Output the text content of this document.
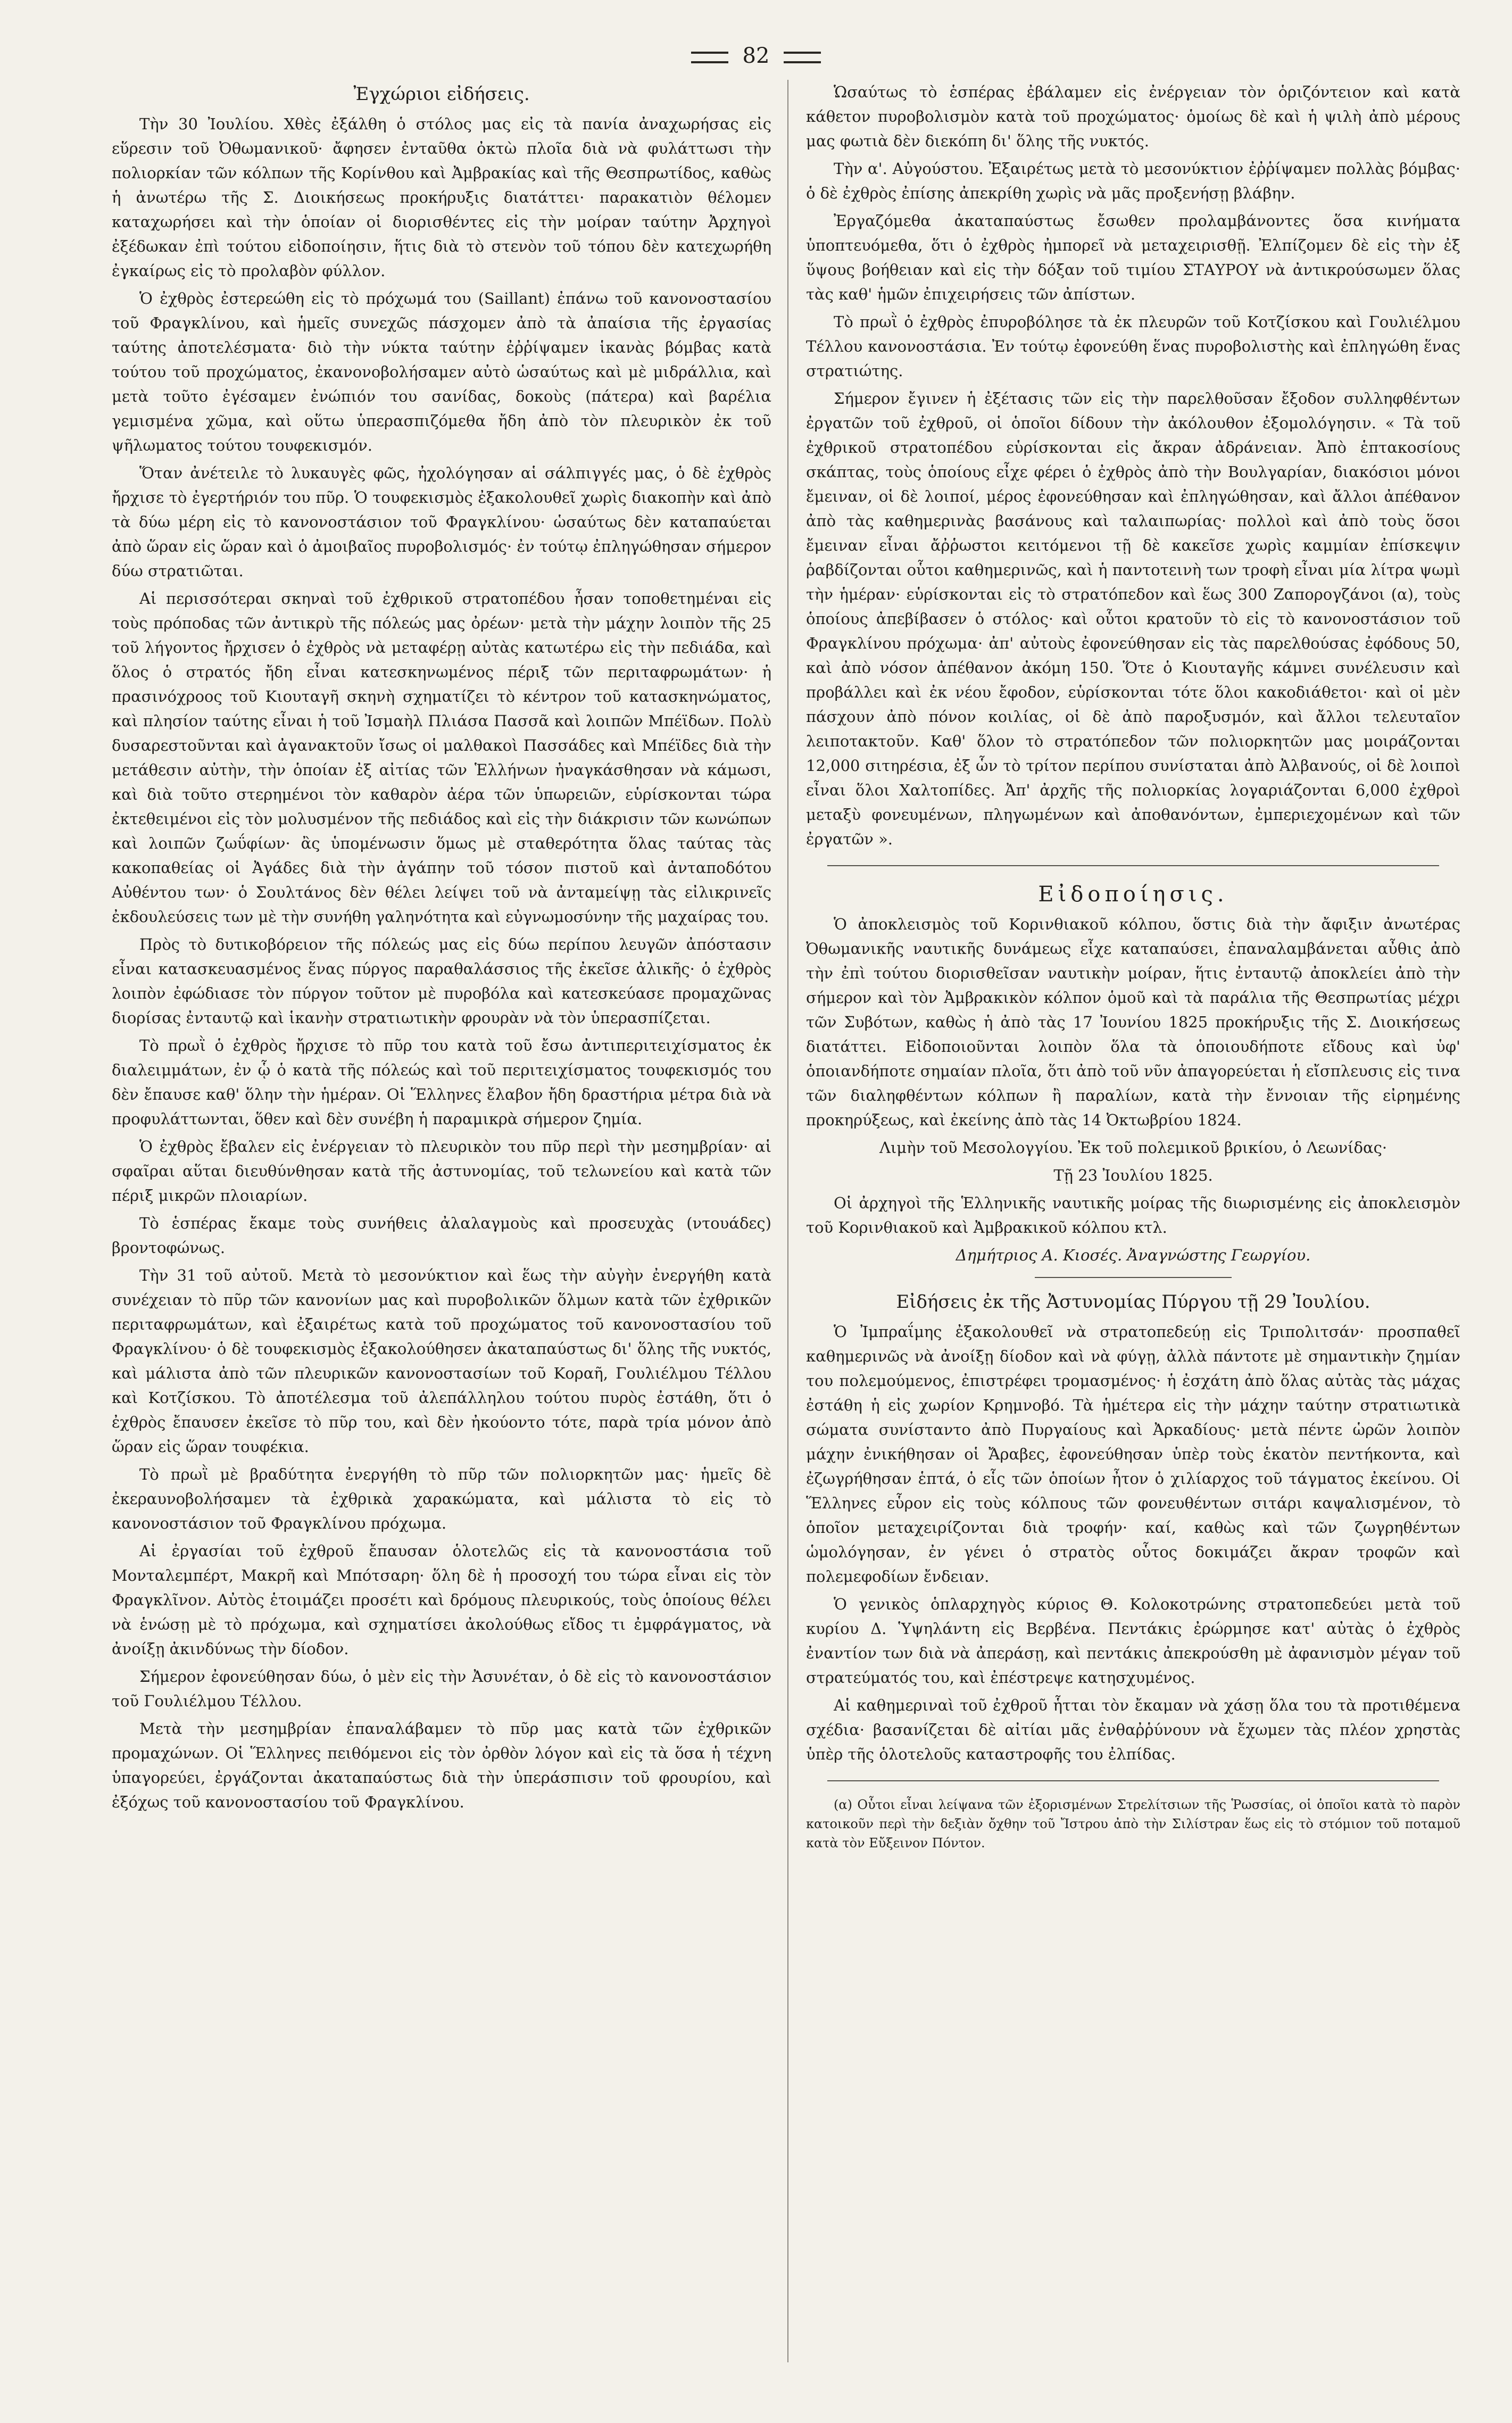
82
Ἐγχώριοι εἰδήσεις.

Τὴν 30 Ἰουλίου. Χθὲς ἐξάλθη ὁ στόλος μας εἰς τὰ πανία ἀναχωρήσας εἰς εὕρεσιν τοῦ Ὀθωμανικοῦ· ἄφησεν ἐνταῦθα ὀκτὼ πλοῖα διὰ νὰ φυλάττωσι τὴν πολιορκίαν τῶν κόλπων τῆς Κορίνθου καὶ Ἀμβρακίας καὶ τῆς Θεσπρωτίδος, καθὼς ἡ ἀνωτέρω τῆς Σ. Διοικήσεως προκήρυξις διατάττει· παρακατιὸν θέλομεν καταχωρήσει καὶ τὴν ὁποίαν οἱ διορισθέντες εἰς τὴν μοίραν ταύτην Ἀρχηγοὶ ἐξέδωκαν ἐπὶ τούτου εἰδοποίησιν, ἥτις διὰ τὸ στενὸν τοῦ τόπου δὲν κατεχωρήθη ἐγκαίρως εἰς τὸ προλαβὸν φύλλον.

Ὁ ἐχθρὸς ἐστερεώθη εἰς τὸ πρόχωμά του (Saillant) ἐπάνω τοῦ κανονοστασίου τοῦ Φραγκλίνου, καὶ ἡμεῖς συνεχῶς πάσχομεν ἀπὸ τὰ ἀπαίσια τῆς ἐργασίας ταύτης ἀποτελέσματα· διὸ τὴν νύκτα ταύτην ἐῤῥίψαμεν ἱκανὰς βόμβας κατὰ τούτου τοῦ προχώματος, ἐκανονοβολήσαμεν αὐτὸ ὡσαύτως καὶ μὲ μιδράλλια, καὶ μετὰ τοῦτο ἐγέσαμεν ἐνώπιόν του σανίδας, δοκοὺς (πάτερα) καὶ βαρέλια γεμισμένα χῶμα, καὶ οὕτω ὑπερασπιζόμεθα ἤδη ἀπὸ τὸν πλευρικὸν ἐκ τοῦ ψῆλωματος τούτου τουφεκισμόν.

Ὅταν ἀνέτειλε τὸ λυκαυγὲς φῶς, ἠχολόγησαν αἱ σάλπιγγές μας, ὁ δὲ ἐχθρὸς ἤρχισε τὸ ἐγερτήριόν του πῦρ. Ὁ τουφεκισμὸς ἐξακολουθεῖ χωρὶς διακοπὴν καὶ ἀπὸ τὰ δύω μέρη εἰς τὸ κανονοστάσιον τοῦ Φραγκλίνου· ὡσαύτως δὲν καταπαύεται ἀπὸ ὥραν εἰς ὥραν καὶ ὁ ἀμοιβαῖος πυροβολισμός· ἐν τούτῳ ἐπληγώθησαν σήμερον δύω στρατιῶται.

Αἱ περισσότεραι σκηναὶ τοῦ ἐχθρικοῦ στρατοπέδου ἦσαν τοποθετημέναι εἰς τοὺς πρόποδας τῶν ἀντικρὺ τῆς πόλεώς μας ὀρέων· μετὰ τὴν μάχην λοιπὸν τῆς 25 τοῦ λήγοντος ἤρχισεν ὁ ἐχθρὸς νὰ μεταφέρῃ αὐτὰς κατωτέρω εἰς τὴν πεδιάδα, καὶ ὅλος ὁ στρατός ἤδη εἶναι κατεσκηνωμένος πέριξ τῶν περιταφρωμάτων· ἡ πρασινόχροος τοῦ Κιουταγῆ σκηνὴ σχηματίζει τὸ κέντρον τοῦ κατασκηνώματος, καὶ πλησίον ταύτης εἶναι ἡ τοῦ Ἰσμαὴλ Πλιάσα Πασσᾶ καὶ λοιπῶν Μπέϊδων. Πολὺ δυσαρεστοῦνται καὶ ἀγανακτοῦν ἴσως οἱ μαλθακοὶ Πασσάδες καὶ Μπέϊδες διὰ τὴν μετάθεσιν αὐτὴν, τὴν ὁποίαν ἐξ αἰτίας τῶν Ἑλλήνων ἠναγκάσθησαν νὰ κάμωσι, καὶ διὰ τοῦτο στερημένοι τὸν καθαρὸν ἀέρα τῶν ὑπωρειῶν, εὑρίσκονται τώρα ἐκτεθειμένοι εἰς τὸν μολυσμένον τῆς πεδιάδος καὶ εἰς τὴν διάκρισιν τῶν κωνώπων καὶ λοιπῶν ζωΰφίων· ἂς ὑπομένωσιν ὅμως μὲ σταθερότητα ὅλας ταύτας τὰς κακοπαθείας οἱ Ἀγάδες διὰ τὴν ἀγάπην τοῦ τόσον πιστοῦ καὶ ἀνταποδότου Αὐθέντου των· ὁ Σουλτάνος δὲν θέλει λείψει τοῦ νὰ ἀνταμείψῃ τὰς εἰλικρινεῖς ἐκδουλεύσεις των μὲ τὴν συνήθη γαληνότητα καὶ εὐγνωμοσύνην τῆς μαχαίρας του.

Πρὸς τὸ δυτικοβόρειον τῆς πόλεώς μας εἰς δύω περίπου λευγῶν ἀπόστασιν εἶναι κατασκευασμένος ἕνας πύργος παραθαλάσσιος τῆς ἐκεῖσε ἀλικῆς· ὁ ἐχθρὸς λοιπὸν ἐφώδιασε τὸν πύργον τοῦτον μὲ πυροβόλα καὶ κατεσκεύασε προμαχῶνας διορίσας ἐνταυτῷ καὶ ἱκανὴν στρατιωτικὴν φρουρὰν νὰ τὸν ὑπερασπίζεται.

Τὸ πρωῒ ὁ ἐχθρὸς ἤρχισε τὸ πῦρ του κατὰ τοῦ ἔσω ἀντιπεριτειχίσματος ἐκ διαλειμμάτων, ἐν ᾧ ὁ κατὰ τῆς πόλεώς καὶ τοῦ περιτειχίσματος τουφεκισμός του δὲν ἔπαυσε καθ' ὅλην τὴν ἡμέραν. Οἱ Ἕλληνες ἔλαβον ἤδη δραστήρια μέτρα διὰ νὰ προφυλάττωνται, ὅθεν καὶ δὲν συνέβη ἡ παραμικρὰ σήμερον ζημία.

Ὁ ἐχθρὸς ἔβαλεν εἰς ἐνέργειαν τὸ πλευρικὸν του πῦρ περὶ τὴν μεσημβρίαν· αἱ σφαῖραι αὕται διευθύνθησαν κατὰ τῆς ἀστυνομίας, τοῦ τελωνείου καὶ κατὰ τῶν πέριξ μικρῶν πλοιαρίων.

Τὸ ἑσπέρας ἔκαμε τοὺς συνήθεις ἀλαλαγμοὺς καὶ προσευχὰς (ντουάδες) βροντοφώνως.

Τὴν 31 τοῦ αὐτοῦ. Μετὰ τὸ μεσονύκτιον καὶ ἕως τὴν αὐγὴν ἐνεργήθη κατὰ συνέχειαν τὸ πῦρ τῶν κανονίων μας καὶ πυροβολικῶν ὅλμων κατὰ τῶν ἐχθρικῶν περιταφρωμάτων, καὶ ἐξαιρέτως κατὰ τοῦ προχώματος τοῦ κανονοστασίου τοῦ Φραγκλίνου· ὁ δὲ τουφεκισμὸς ἐξακολούθησεν ἀκαταπαύστως δι' ὅλης τῆς νυκτός, καὶ μάλιστα ἀπὸ τῶν πλευρικῶν κανονοστασίων τοῦ Κοραῆ, Γουλιέλμου Τέλλου καὶ Κοτζίσκου. Τὸ ἀποτέλεσμα τοῦ ἀλεπάλληλου τούτου πυρὸς ἐστάθη, ὅτι ὁ ἐχθρὸς ἔπαυσεν ἐκεῖσε τὸ πῦρ του, καὶ δὲν ἠκούοντο τότε, παρὰ τρία μόνον ἀπὸ ὥραν εἰς ὥραν τουφέκια.

Τὸ πρωῒ μὲ βραδύτητα ἐνεργήθη τὸ πῦρ τῶν πολιορκητῶν μας· ἡμεῖς δὲ ἐκεραυνοβολήσαμεν τὰ ἐχθρικὰ χαρακώματα, καὶ μάλιστα τὸ εἰς τὸ κανονοστάσιον τοῦ Φραγκλίνου πρόχωμα.

Αἱ ἐργασίαι τοῦ ἐχθροῦ ἔπαυσαν ὁλοτελῶς εἰς τὰ κανονοστάσια τοῦ Μονταλεμπέρτ, Μακρῆ καὶ Μπότσαρη· ὅλη δὲ ἡ προσοχή του τώρα εἶναι εἰς τὸν Φραγκλῖνον. Αὐτὸς ἑτοιμάζει προσέτι καὶ δρόμους πλευρικούς, τοὺς ὁποίους θέλει νὰ ἑνώσῃ μὲ τὸ πρόχωμα, καὶ σχηματίσει ἀκολούθως εἴδος τι ἐμφράγματος, νὰ ἀνοίξῃ ἀκινδύνως τὴν δίοδον.

Σήμερον ἐφονεύθησαν δύω, ὁ μὲν εἰς τὴν Ἀσυνέταν, ὁ δὲ εἰς τὸ κανονοστάσιον τοῦ Γουλιέλμου Τέλλου.

Μετὰ τὴν μεσημβρίαν ἐπαναλάβαμεν τὸ πῦρ μας κατὰ τῶν ἐχθρικῶν προμαχώνων. Οἱ Ἕλληνες πειθόμενοι εἰς τὸν ὀρθὸν λόγον καὶ εἰς τὰ ὅσα ἡ τέχνη ὑπαγορεύει, ἐργάζονται ἀκαταπαύστως διὰ τὴν ὑπεράσπισιν τοῦ φρουρίου, καὶ ἐξόχως τοῦ κανονοστασίου τοῦ Φραγκλίνου.

Ὡσαύτως τὸ ἑσπέρας ἐβάλαμεν εἰς ἐνέργειαν τὸν ὁριζόντειον καὶ κατὰ κάθετον πυροβολισμὸν κατὰ τοῦ προχώματος· ὁμοίως δὲ καὶ ἡ ψιλὴ ἀπὸ μέρους μας φωτιὰ δὲν διεκόπη δι' ὅλης τῆς νυκτός.

Τὴν α'. Αὐγούστου. Ἐξαιρέτως μετὰ τὸ μεσονύκτιον ἐῤῥίψαμεν πολλὰς βόμβας· ὁ δὲ ἐχθρὸς ἐπίσης ἀπεκρίθη χωρὶς νὰ μᾶς προξενήσῃ βλάβην.

Ἐργαζόμεθα ἀκαταπαύστως ἔσωθεν προλαμβάνοντες ὅσα κινήματα ὑποπτευόμεθα, ὅτι ὁ ἐχθρὸς ἠμπορεῖ νὰ μεταχειρισθῇ. Ἐλπίζομεν δὲ εἰς τὴν ἐξ ὕψους βοήθειαν καὶ εἰς τὴν δόξαν τοῦ τιμίου ΣΤΑΥΡΟΥ νὰ ἀντικρούσωμεν ὅλας τὰς καθ' ἡμῶν ἐπιχειρήσεις τῶν ἀπίστων.

Τὸ πρωῒ ὁ ἐχθρὸς ἐπυροβόλησε τὰ ἐκ πλευρῶν τοῦ Κοτζίσκου καὶ Γουλιέλμου Τέλλου κανονοστάσια. Ἐν τούτῳ ἐφονεύθη ἕνας πυροβολιστὴς καὶ ἐπληγώθη ἕνας στρατιώτης.

Σήμερον ἔγινεν ἡ ἐξέτασις τῶν εἰς τὴν παρελθοῦσαν ἔξοδον συλληφθέντων ἐργατῶν τοῦ ἐχθροῦ, οἱ ὁποῖοι δίδουν τὴν ἀκόλουθον ἐξομολόγησιν. « Τὰ τοῦ ἐχθρικοῦ στρατοπέδου εὑρίσκονται εἰς ἄκραν ἀδράνειαν. Ἀπὸ ἑπτακοσίους σκάπτας, τοὺς ὁποίους εἶχε φέρει ὁ ἐχθρὸς ἀπὸ τὴν Βουλγαρίαν, διακόσιοι μόνοι ἔμειναν, οἱ δὲ λοιποί, μέρος ἐφονεύθησαν καὶ ἐπληγώθησαν, καὶ ἄλλοι ἀπέθανον ἀπὸ τὰς καθημερινὰς βασάνους καὶ ταλαιπωρίας· πολλοὶ καὶ ἀπὸ τοὺς ὅσοι ἔμειναν εἶναι ἄῤῥωστοι κειτόμενοι τῇ δὲ κακεῖσε χωρὶς καμμίαν ἐπίσκεψιν ῥαβδίζονται οὗτοι καθημερινῶς, καὶ ἡ παντοτεινὴ των τροφὴ εἶναι μία λίτρα ψωμὶ τὴν ἡμέραν· εὑρίσκονται εἰς τὸ στρατόπεδον καὶ ἕως 300 Ζαπορογζάνοι (α), τοὺς ὁποίους ἀπεβίβασεν ὁ στόλος· καὶ οὗτοι κρατοῦν τὸ εἰς τὸ κανονοστάσιον τοῦ Φραγκλίνου πρόχωμα· ἀπ' αὐτοὺς ἐφονεύθησαν εἰς τὰς παρελθούσας ἐφόδους 50, καὶ ἀπὸ νόσον ἀπέθανον ἀκόμη 150. Ὅτε ὁ Κιουταγῆς κάμνει συνέλευσιν καὶ προβάλλει καὶ ἐκ νέου ἔφοδον, εὑρίσκονται τότε ὅλοι κακοδιάθετοι· καὶ οἱ μὲν πάσχουν ἀπὸ πόνον κοιλίας, οἱ δὲ ἀπὸ παροξυσμόν, καὶ ἄλλοι τελευταῖον λειποτακτοῦν. Καθ' ὅλον τὸ στρατόπεδον τῶν πολιορκητῶν μας μοιράζονται 12,000 σιτηρέσια, ἐξ ὧν τὸ τρίτον περίπου συνίσταται ἀπὸ Ἀλβανούς, οἱ δὲ λοιποὶ εἶναι ὅλοι Χαλτοπίδες. Ἀπ' ἀρχῆς τῆς πολιορκίας λογαριάζονται 6,000 ἐχθροὶ μεταξὺ φονευμένων, πληγωμένων καὶ ἀποθανόντων, ἐμπεριεχομένων καὶ τῶν ἐργατῶν ».

Εἰδοποίησις.

Ὁ ἀποκλεισμὸς τοῦ Κορινθιακοῦ κόλπου, ὅστις διὰ τὴν ἄφιξιν ἀνωτέρας Ὀθωμανικῆς ναυτικῆς δυνάμεως εἶχε καταπαύσει, ἐπαναλαμβάνεται αὖθις ἀπὸ τὴν ἐπὶ τούτου διορισθεῖσαν ναυτικὴν μοίραν, ἥτις ἐνταυτῷ ἀποκλείει ἀπὸ τὴν σήμερον καὶ τὸν Ἀμβρακικὸν κόλπον ὁμοῦ καὶ τὰ παράλια τῆς Θεσπρωτίας μέχρι τῶν Συβότων, καθὼς ἡ ἀπὸ τὰς 17 Ἰουνίου 1825 προκήρυξις τῆς Σ. Διοικήσεως διατάττει. Εἰδοποιοῦνται λοιπὸν ὅλα τὰ ὁποιουδήποτε εἴδους καὶ ὑφ' ὁποιανδήποτε σημαίαν πλοῖα, ὅτι ἀπὸ τοῦ νῦν ἀπαγορεύεται ἡ εἴσπλευσις εἰς τινα τῶν διαληφθέντων κόλπων ἢ παραλίων, κατὰ τὴν ἔννοιαν τῆς εἰρημένης προκηρύξεως, καὶ ἐκείνης ἀπὸ τὰς 14 Ὀκτωβρίου 1824.

Λιμὴν τοῦ Μεσολογγίου. Ἐκ τοῦ πολεμικοῦ βρικίου, ὁ Λεωνίδας·

Τῇ 23 Ἰουλίου 1825.

Οἱ ἀρχηγοὶ τῆς Ἑλληνικῆς ναυτικῆς μοίρας τῆς διωρισμένης εἰς ἀποκλεισμὸν τοῦ Κορινθιακοῦ καὶ Ἀμβρακικοῦ κόλπου κτλ.

Δημήτριος Α. Κιοσές. Ἀναγνώστης Γεωργίου.

Εἰδήσεις ἐκ τῆς Ἀστυνομίας Πύργου τῇ 29 Ἰουλίου.

Ὁ Ἰμπραΐμης ἐξακολουθεῖ νὰ στρατοπεδεύῃ εἰς Τριπολιτσάν· προσπαθεῖ καθημερινῶς νὰ ἀνοίξῃ δίοδον καὶ νὰ φύγῃ, ἀλλὰ πάντοτε μὲ σημαντικὴν ζημίαν του πολεμούμενος, ἐπιστρέφει τρομασμένος· ἡ ἐσχάτη ἀπὸ ὅλας αὐτὰς τὰς μάχας ἐστάθη ἡ εἰς χωρίον Κρημνοβό. Τὰ ἡμέτερα εἰς τὴν μάχην ταύτην στρατιωτικὰ σώματα συνίσταντο ἀπὸ Πυργαίους καὶ Ἀρκαδίους· μετὰ πέντε ὡρῶν λοιπὸν μάχην ἐνικήθησαν οἱ Ἄραβες, ἐφονεύθησαν ὑπὲρ τοὺς ἑκατὸν πεντήκοντα, καὶ ἐζωγρήθησαν ἑπτά, ὁ εἷς τῶν ὁποίων ἦτον ὁ χιλίαρχος τοῦ τάγματος ἐκείνου. Οἱ Ἕλληνες εὗρον εἰς τοὺς κόλπους τῶν φονευθέντων σιτάρι καψαλισμένον, τὸ ὁποῖον μεταχειρίζονται διὰ τροφήν· καί, καθὼς καὶ τῶν ζωγρηθέντων ὡμολόγησαν, ἐν γένει ὁ στρατὸς οὗτος δοκιμάζει ἄκραν τροφῶν καὶ πολεμεφοδίων ἔνδειαν.

Ὁ γενικὸς ὁπλαρχηγὸς κύριος Θ. Κολοκοτρώνης στρατοπεδεύει μετὰ τοῦ κυρίου Δ. Ὑψηλάντη εἰς Βερβένα. Πεντάκις ἐρώρμησε κατ' αὐτὰς ὁ ἐχθρὸς ἐναντίον των διὰ νὰ ἀπεράσῃ, καὶ πεντάκις ἀπεκρούσθη μὲ ἀφανισμὸν μέγαν τοῦ στρατεύματός του, καὶ ἐπέστρεψε κατησχυμένος.

Αἱ καθημεριναὶ τοῦ ἐχθροῦ ἧτται τὸν ἔκαμαν νὰ χάσῃ ὅλα του τὰ προτιθέμενα σχέδια· βασανίζεται δὲ αἰτίαι μᾶς ἐνθαῤῥύνουν νὰ ἔχωμεν τὰς πλέον χρηστὰς ὑπὲρ τῆς ὁλοτελοῦς καταστροφῆς του ἐλπίδας.

(α) Οὗτοι εἶναι λείψανα τῶν ἐξορισμένων Στρελίτσιων τῆς Ῥωσσίας, οἱ ὁποῖοι κατὰ τὸ παρὸν κατοικοῦν περὶ τὴν δεξιὰν ὄχθην τοῦ Ἴστρου ἀπὸ τὴν Σιλίστραν ἕως εἰς τὸ στόμιον τοῦ ποταμοῦ κατὰ τὸν Εὔξεινον Πόντον.
